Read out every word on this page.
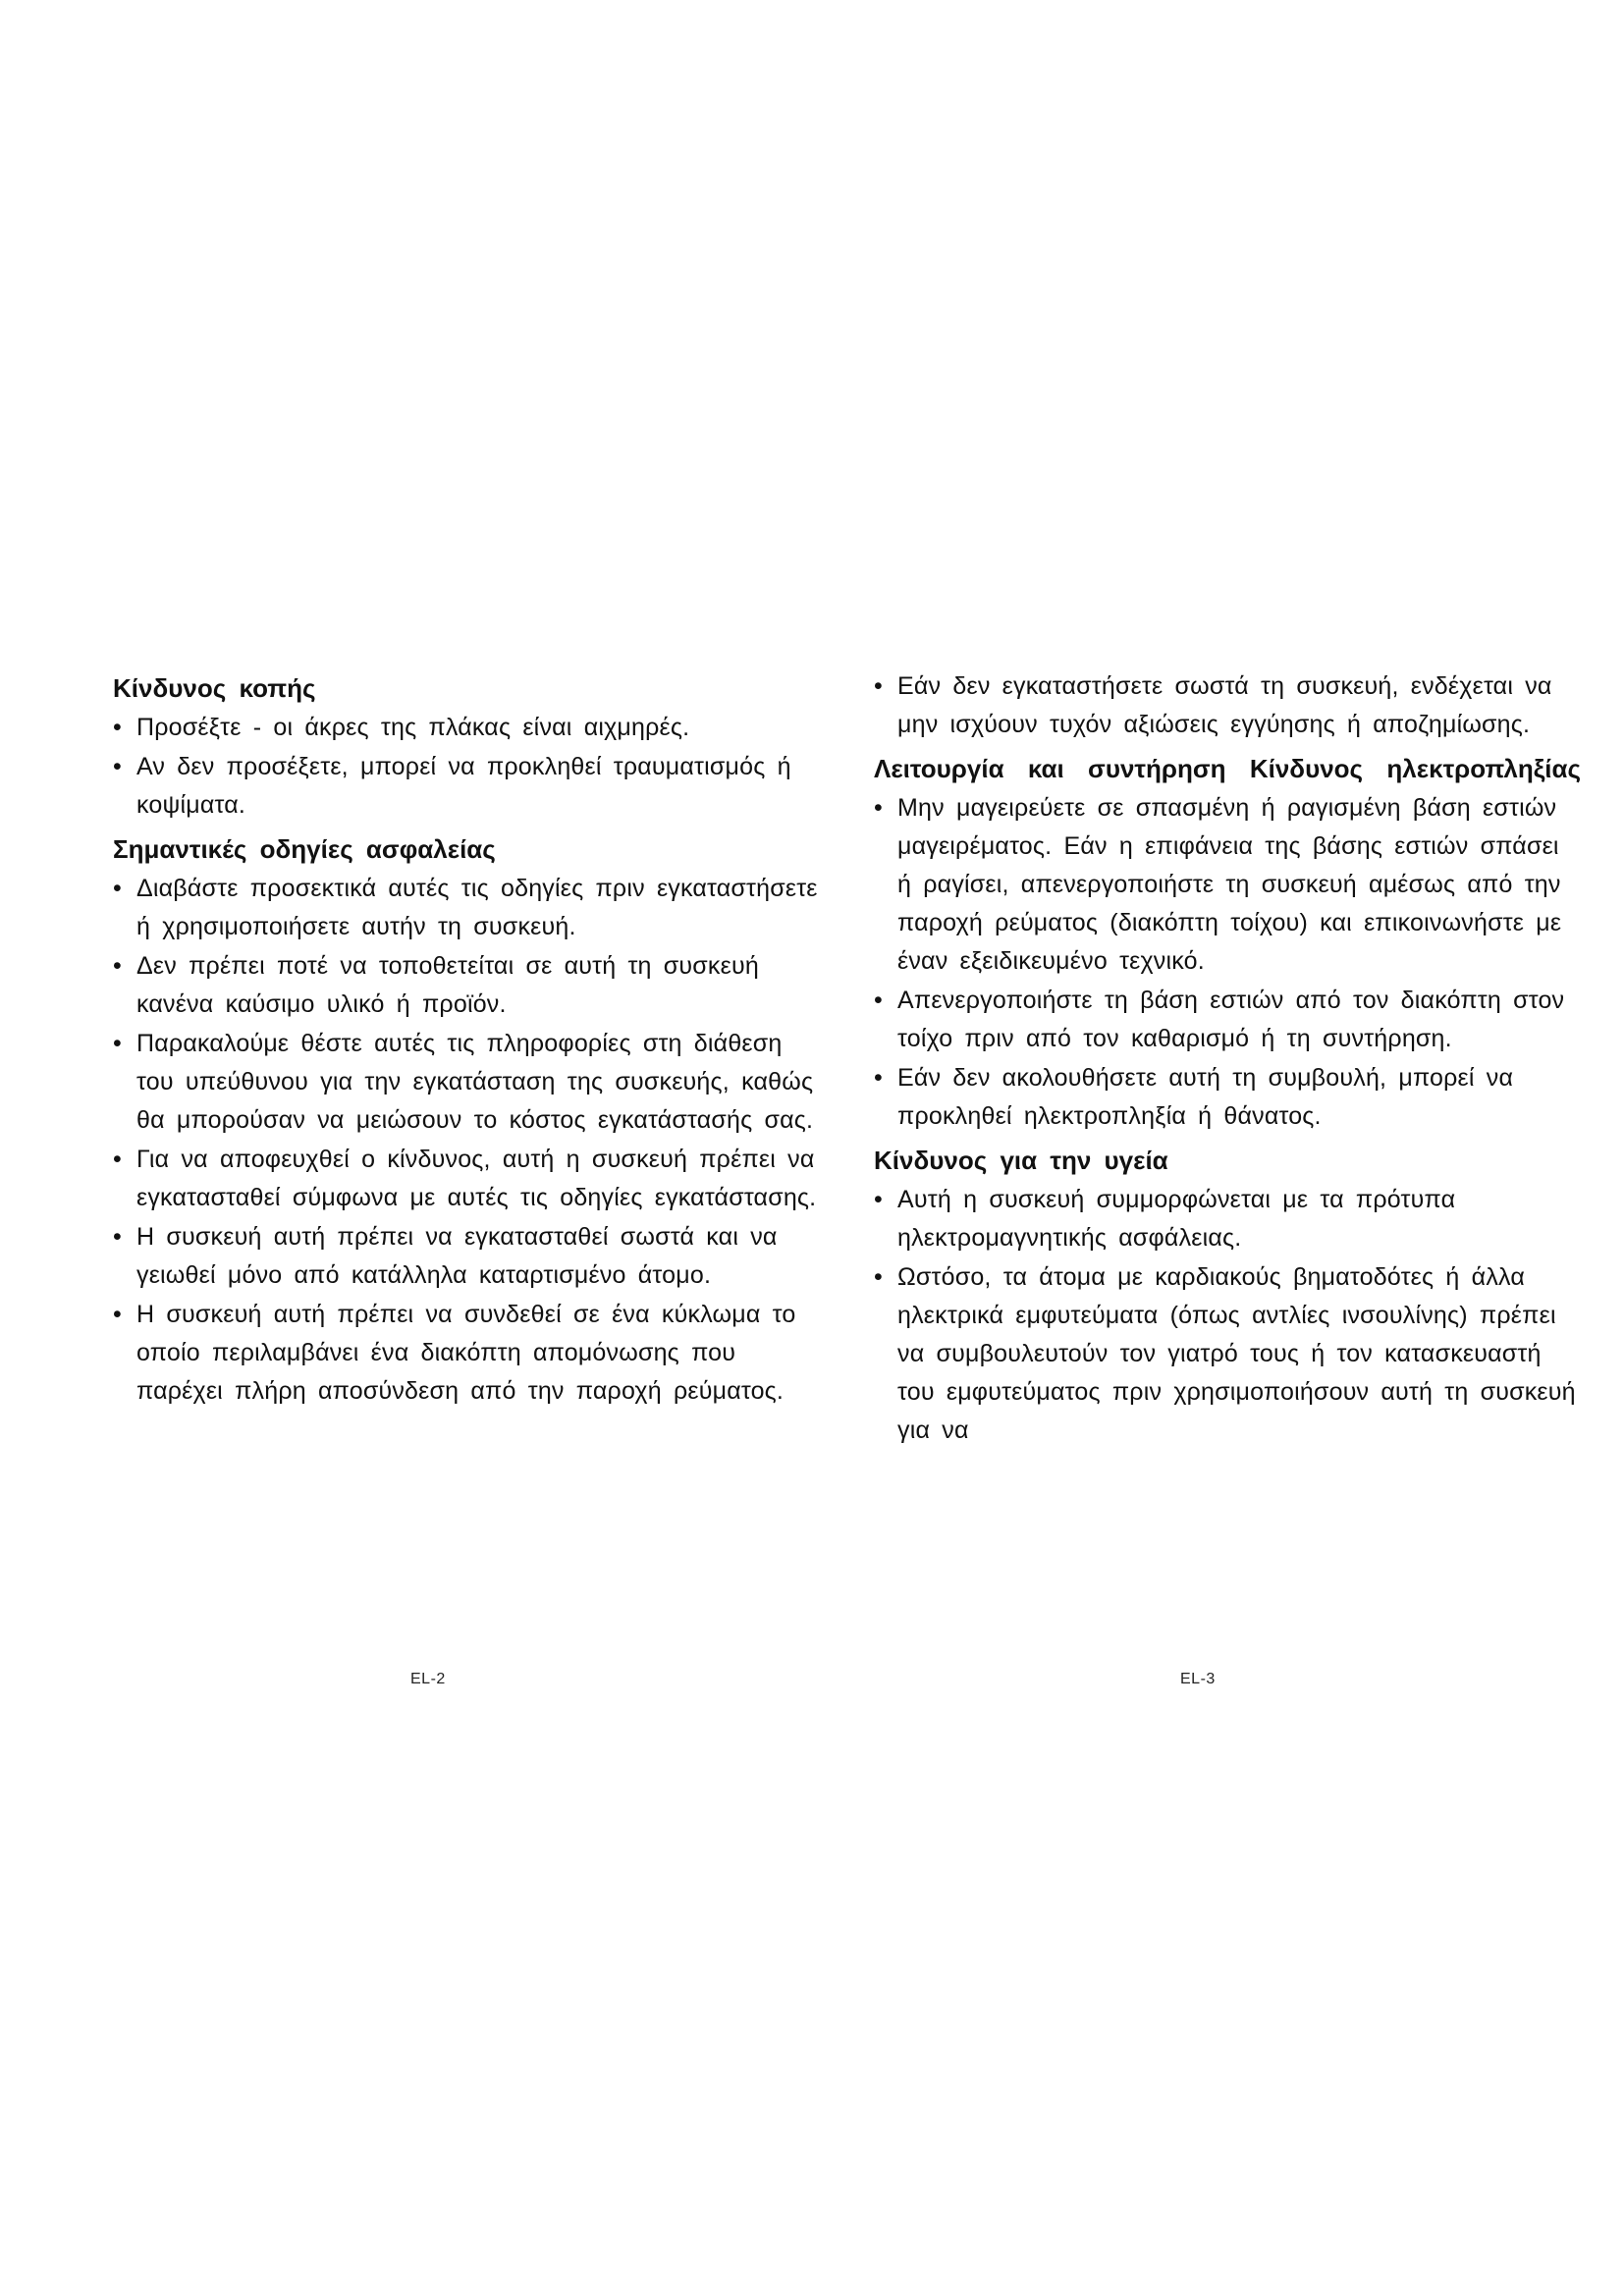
Κίνδυνος κοπής
• Προσέξτε - οι άκρες της πλάκας είναι αιχμηρές.
• Αν δεν προσέξετε, μπορεί να προκληθεί τραυματισμός ή κοψίματα.
Σημαντικές οδηγίες ασφαλείας
• Διαβάστε προσεκτικά αυτές τις οδηγίες πριν εγκαταστήσετε ή χρησιμοποιήσετε αυτήν τη συσκευή.
• Δεν πρέπει ποτέ να τοποθετείται σε αυτή τη συσκευή κανένα καύσιμο υλικό ή προϊόν.
• Παρακαλούμε θέστε αυτές τις πληροφορίες στη διάθεση του υπεύθυνου για την εγκατάσταση της συσκευής, καθώς θα μπορούσαν να μειώσουν το κόστος εγκατάστασής σας.
• Για να αποφευχθεί ο κίνδυνος, αυτή η συσκευή πρέπει να εγκατασταθεί σύμφωνα με αυτές τις οδηγίες εγκατάστασης.
• Η συσκευή αυτή πρέπει να εγκατασταθεί σωστά και να γειωθεί μόνο από κατάλληλα καταρτισμένο άτομο.
• Η συσκευή αυτή πρέπει να συνδεθεί σε ένα κύκλωμα το οποίο περιλαμβάνει ένα διακόπτη απομόνωσης που παρέχει πλήρη αποσύνδεση από την παροχή ρεύματος.
• Εάν δεν εγκαταστήσετε σωστά τη συσκευή, ενδέχεται να μην ισχύουν τυχόν αξιώσεις εγγύησης ή αποζημίωσης.
Λειτουργία και συντήρηση Κίνδυνος ηλεκτροπληξίας
• Μην μαγειρεύετε σε σπασμένη ή ραγισμένη βάση εστιών μαγειρέματος. Εάν η επιφάνεια της βάσης εστιών σπάσει ή ραγίσει, απενεργοποιήστε τη συσκευή αμέσως από την παροχή ρεύματος (διακόπτη τοίχου) και επικοινωνήστε με έναν εξειδικευμένο τεχνικό.
• Απενεργοποιήστε τη βάση εστιών από τον διακόπτη στον τοίχο πριν από τον καθαρισμό ή τη συντήρηση.
• Εάν δεν ακολουθήσετε αυτή τη συμβουλή, μπορεί να προκληθεί ηλεκτροπληξία ή θάνατος.
Κίνδυνος για την υγεία
• Αυτή η συσκευή συμμορφώνεται με τα πρότυπα ηλεκτρομαγνητικής ασφάλειας.
• Ωστόσο, τα άτομα με καρδιακούς βηματοδότες ή άλλα ηλεκτρικά εμφυτεύματα (όπως αντλίες ινσουλίνης) πρέπει να συμβουλευτούν τον γιατρό τους ή τον κατασκευαστή του εμφυτεύματος πριν χρησιμοποιήσουν αυτή τη συσκευή για να
EL-2	EL-3
